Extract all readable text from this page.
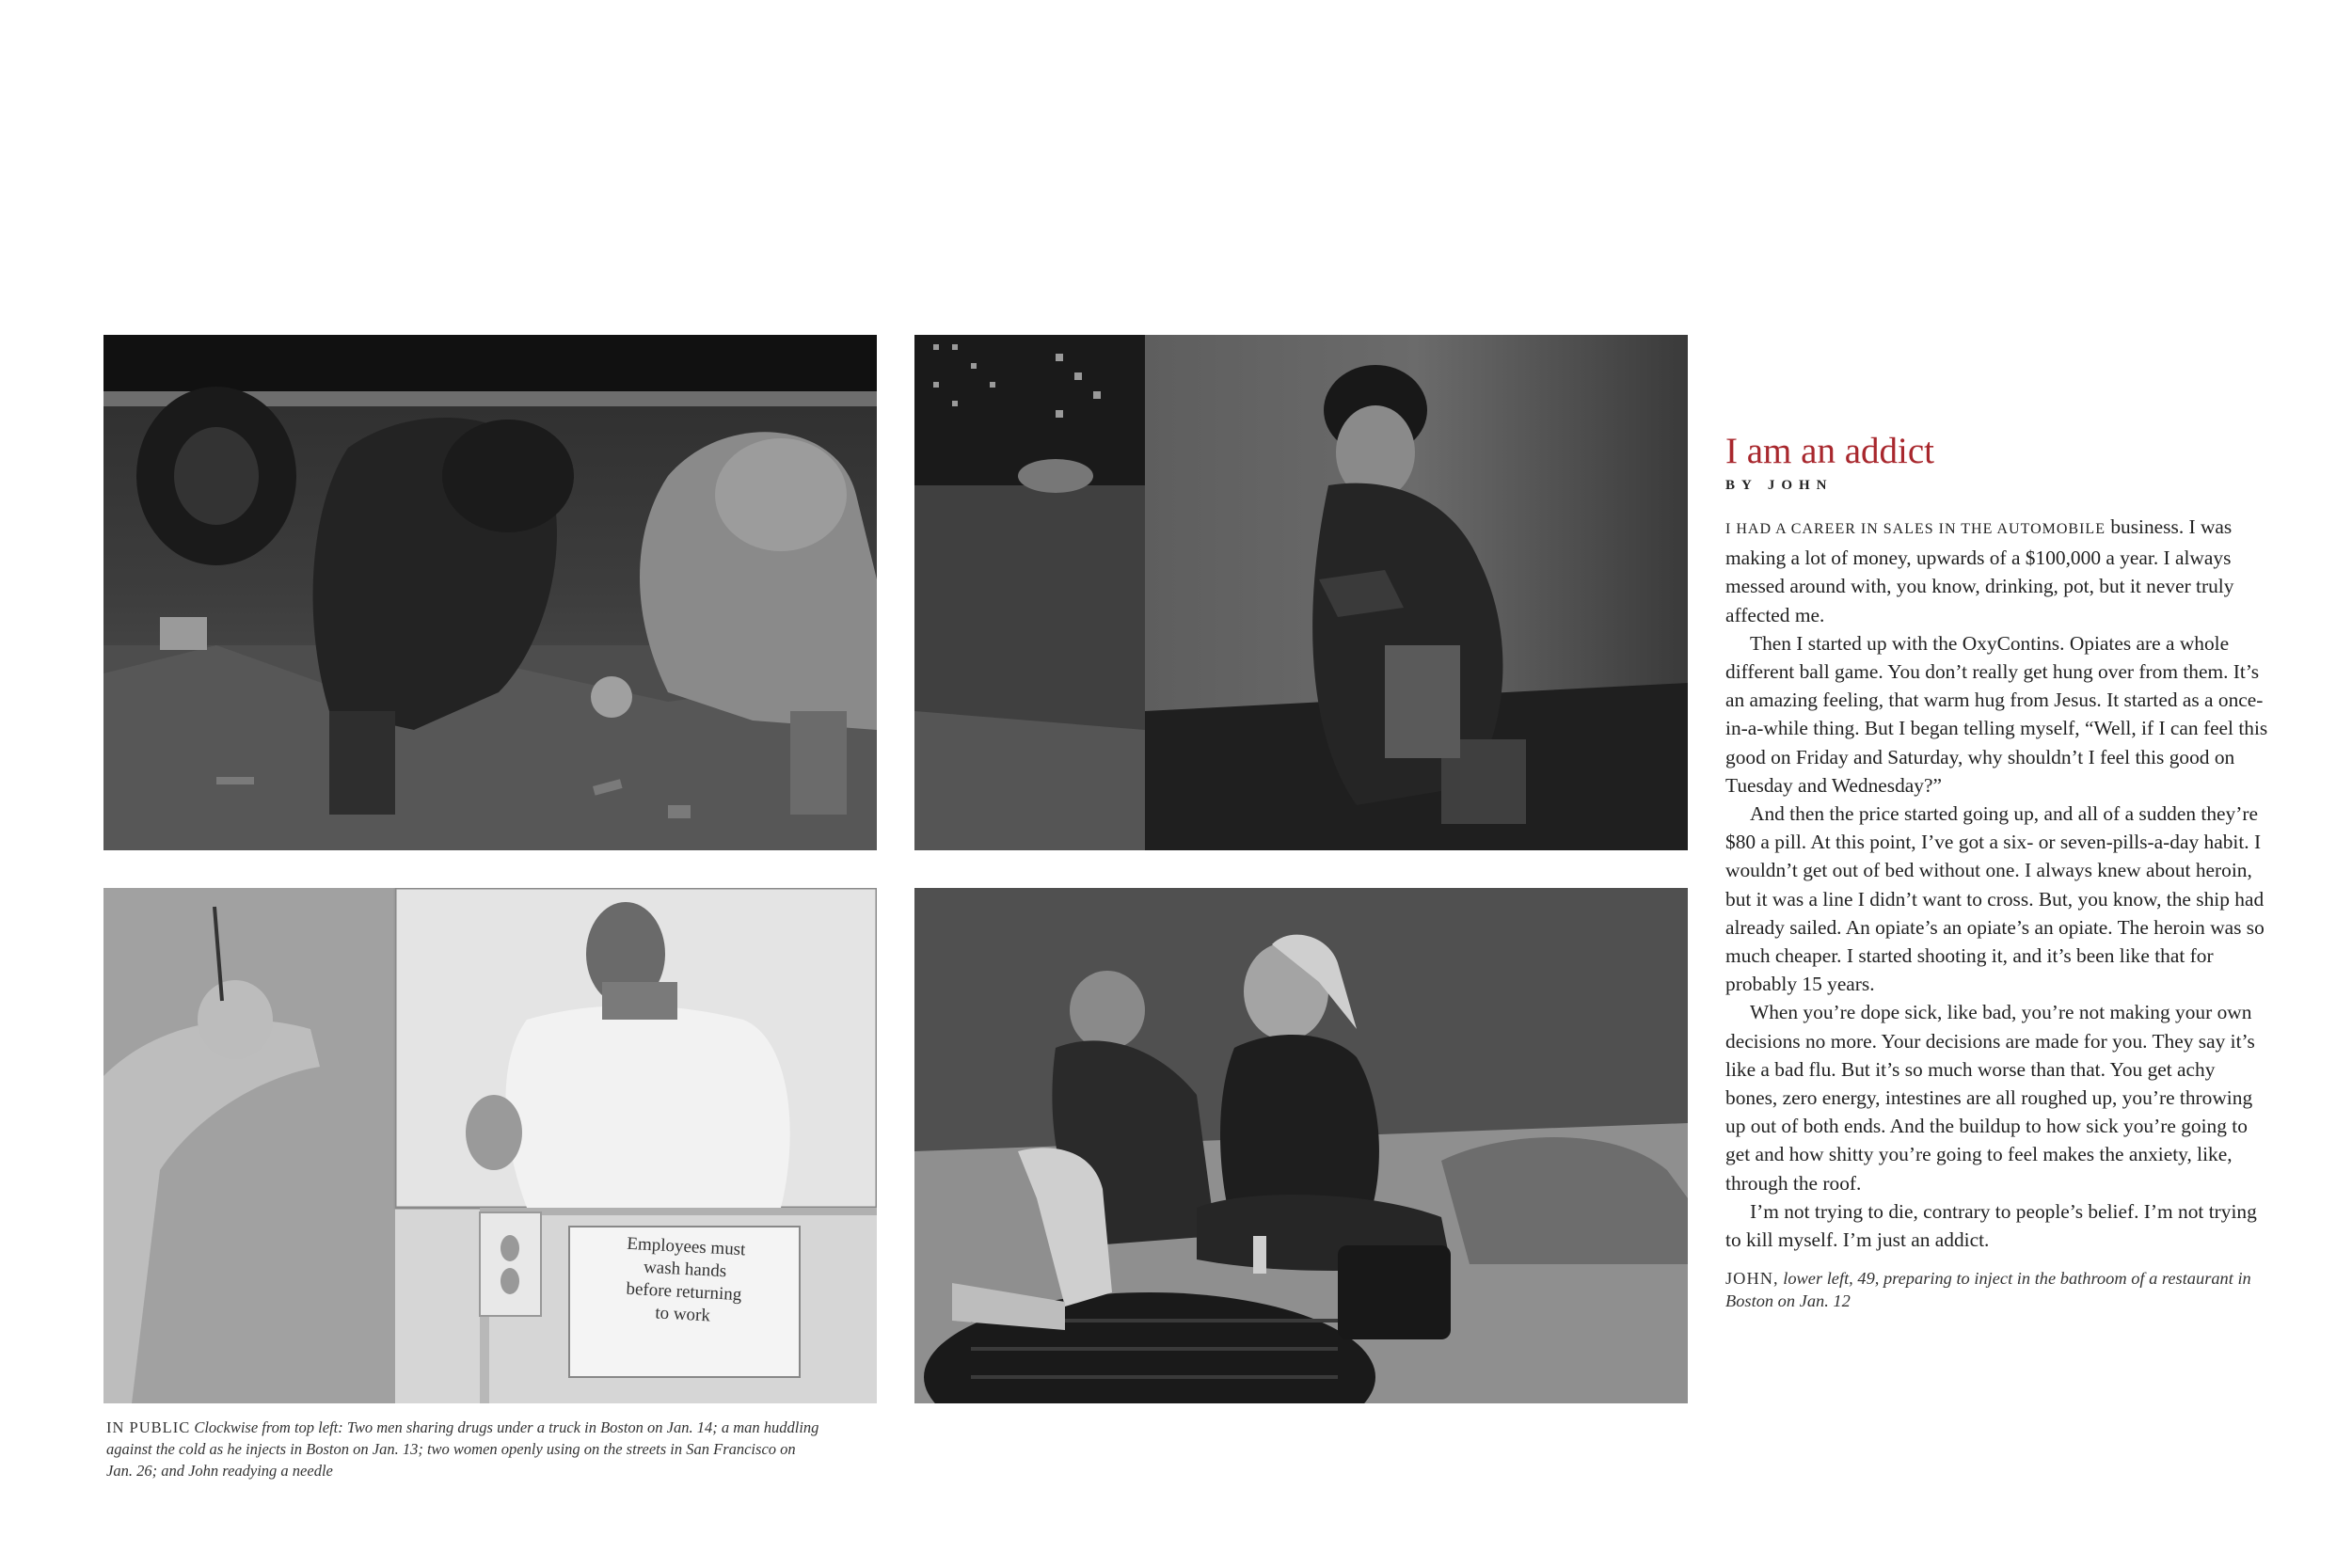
Employees must
wash hands
before returning
to work
IN PUBLIC Clockwise from top left: Two men sharing drugs under a truck in Boston on Jan. 14; a man huddling against the cold as he injects in Boston on Jan. 13; two women openly using on the streets in San Francisco on Jan. 26; and John readying a needle
I am an addict
BY JOHN

I HAD A CAREER IN SALES IN THE AUTOMOBILE business. I was making a lot of money, upwards of a $100,000 a year. I always messed around with, you know, drinking, pot, but it never truly affected me.

Then I started up with the OxyContins. Opiates are a whole different ball game. You don’t really get hung over from them. It’s an amazing feeling, that warm hug from Jesus. It started as a once-in-a-while thing. But I began telling myself, “Well, if I can feel this good on Friday and Saturday, why shouldn’t I feel this good on Tuesday and Wednesday?”

And then the price started going up, and all of a sudden they’re $80 a pill. At this point, I’ve got a six- or seven-pills-a-day habit. I wouldn’t get out of bed without one. I always knew about heroin, but it was a line I didn’t want to cross. But, you know, the ship had already sailed. An opiate’s an opiate’s an opiate. The heroin was so much cheaper. I started shooting it, and it’s been like that for probably 15 years.

When you’re dope sick, like bad, you’re not making your own decisions no more. Your decisions are made for you. They say it’s like a bad flu. But it’s so much worse than that. You get achy bones, zero energy, intestines are all roughed up, you’re throwing up out of both ends. And the buildup to how sick you’re going to get and how shitty you’re going to feel makes the anxiety, like, through the roof.

I’m not trying to die, contrary to people’s belief. I’m not trying to kill myself. I’m just an addict.

JOHN, lower left, 49, preparing to inject in the bathroom of a restaurant in Boston on Jan. 12
